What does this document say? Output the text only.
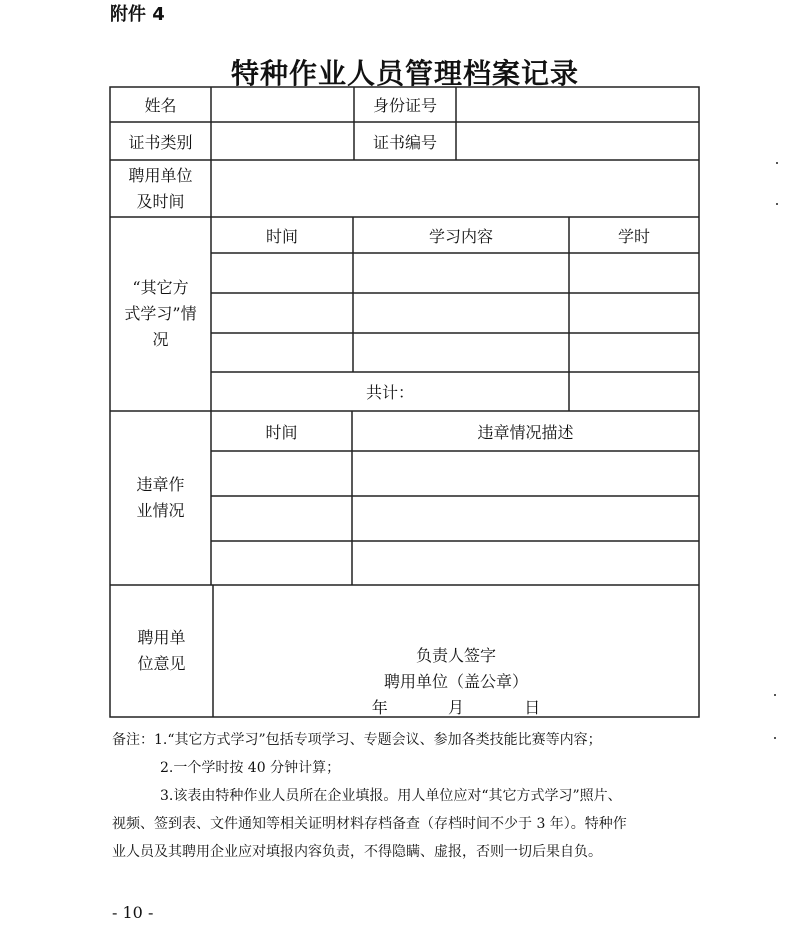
附件 4
特种作业人员管理档案记录
姓名	身份证号
证书类别	证书编号
聘用单位
及时间
“其它方
式学习”情
况
时间	学习内容	学时
共计：
违章作
业情况
时间	违章情况描述
聘用单
位意见	负责人签字
聘用单位（盖公章）
年	月	日
备注：1.“其它方式学习”包括专项学习、专题会议、参加各类技能比赛等内容；
2.一个学时按 40 分钟计算；
3.该表由特种作业人员所在企业填报。用人单位应对“其它方式学习”照片、
视频、签到表、文件通知等相关证明材料存档备查（存档时间不少于 3 年）。特种作
业人员及其聘用企业应对填报内容负责，不得隐瞒、虚报，否则一切后果自负。
- 10 -
